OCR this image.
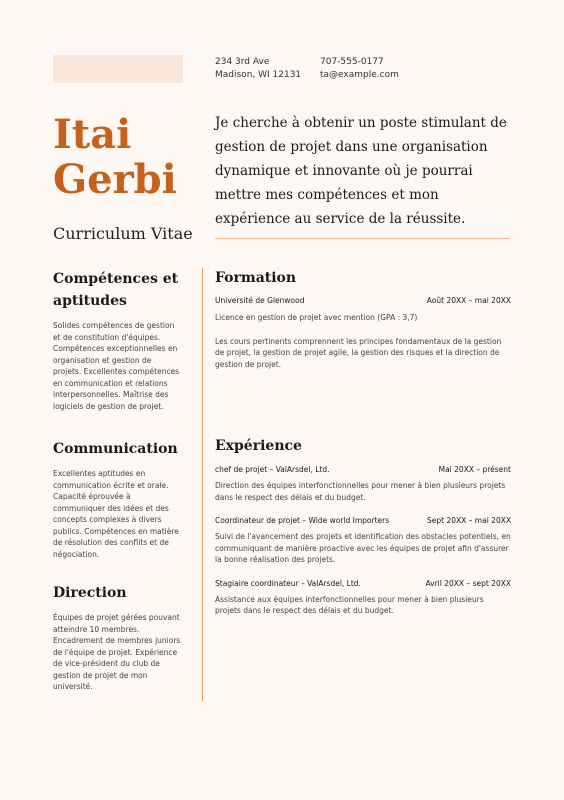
234 3rd Ave
Madison, WI 12131
707-555-0177
ta@example.com
Itai
Gerbi
Curriculum Vitae
Je cherche à obtenir un poste stimulant de gestion de projet dans une organisation dynamique et innovante où je pourrai mettre mes compétences et mon expérience au service de la réussite.
Compétences et aptitudes

Solides compétences de gestion et de constitution d'équipes. Compétences exceptionnelles en organisation et gestion de projets. Excellentes compétences en communication et relations interpersonnelles. Maîtrise des logiciels de gestion de projet.

Communication

Excellentes aptitudes en communication écrite et orale. Capacité éprouvée à communiquer des idées et des concepts complexes à divers publics. Compétences en matière de résolution des conflits et de négociation.

Direction

Équipes de projet gérées pouvant atteindre 10 membres. Encadrement de membres juniors de l'équipe de projet. Expérience de vice-président du club de gestion de projet de mon université.

Formation
Université de Glenwood	Août 20XX – mai 20XX
Licence en gestion de projet avec mention (GPA : 3,7)
Les cours pertinents comprennent les principes fondamentaux de la gestion de projet, la gestion de projet agile, la gestion des risques et la direction de gestion de projet.
Expérience
chef de projet – ValArsdel, Ltd.	Mai 20XX – présent
Direction des équipes interfonctionnelles pour mener à bien plusieurs projets dans le respect des délais et du budget.
Coordinateur de projet – Wide world Importers	Sept 20XX – mai 20XX
Suivi de l'avancement des projets et identification des obstacles potentiels, en communiquant de manière proactive avec les équipes de projet afin d'assurer la bonne réalisation des projets.
Stagiaire coordinateur – ValArsdel, Ltd.	Avril 20XX – sept 20XX
Assistance aux équipes interfonctionnelles pour mener à bien plusieurs projets dans le respect des délais et du budget.
